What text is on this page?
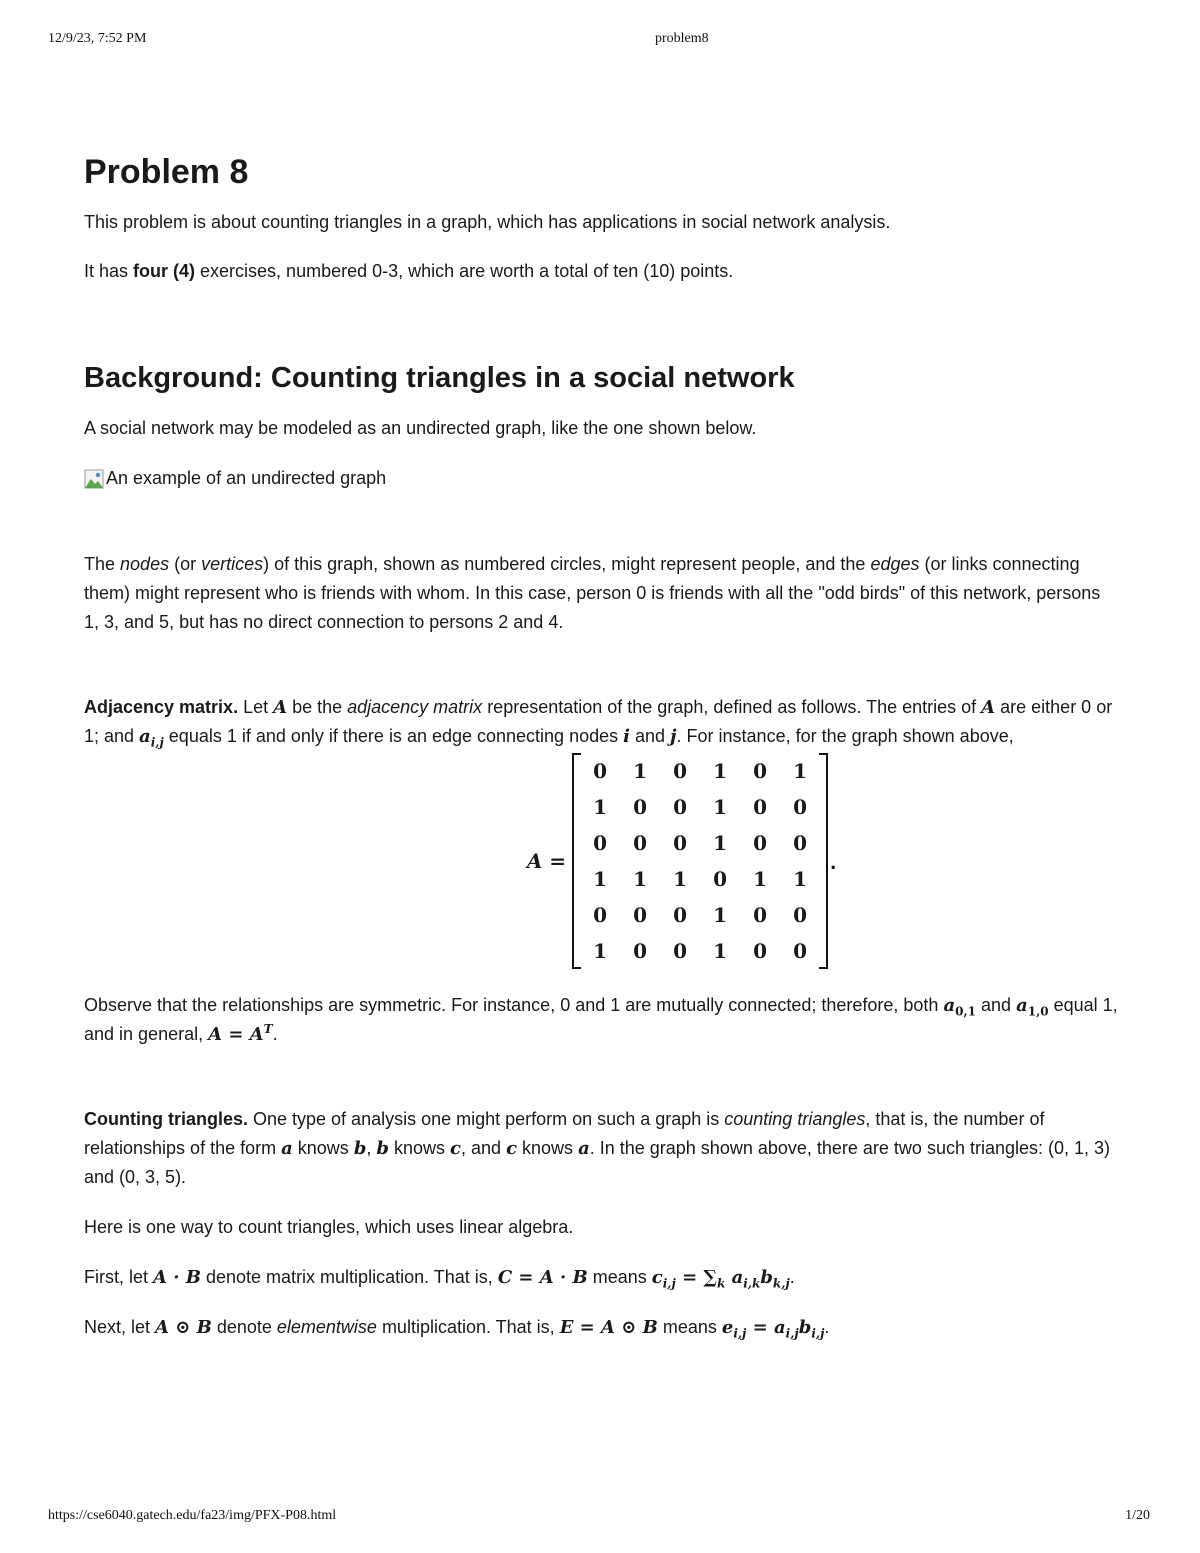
12/9/23, 7:52 PM	problem8
Problem 8

This problem is about counting triangles in a graph, which has applications in social network analysis.

It has four (4) exercises, numbered 0-3, which are worth a total of ten (10) points.

Background: Counting triangles in a social network

A social network may be modeled as an undirected graph, like the one shown below.

An example of an undirected graph

The nodes (or vertices) of this graph, shown as numbered circles, might represent people, and the edges (or links connecting them) might represent who is friends with whom. In this case, person 0 is friends with all the "odd birds" of this network, persons 1, 3, and 5, but has no direct connection to persons 2 and 4.

Adjacency matrix. Let A be the adjacency matrix representation of the graph, defined as follows. The entries of A are either 0 or 1; and $a_{i,j}$ equals 1 if and only if there is an edge connecting nodes i and j. For instance, for the graph shown above,

A =
0	1	0	1	0	1
1	0	0	1	0	0
0	0	0	1	0	0
1	1	1	0	1	1
0	0	0	1	0	0
1	0	0	1	0	0
.

Observe that the relationships are symmetric. For instance, 0 and 1 are mutually connected; therefore, both $a_{0,1}$ and $a_{1,0}$ equal 1, and in general, $A = A^T$.

Counting triangles. One type of analysis one might perform on such a graph is counting triangles, that is, the number of relationships of the form a knows b, b knows c, and c knows a. In the graph shown above, there are two such triangles: (0, 1, 3) and (0, 3, 5).

Here is one way to count triangles, which uses linear algebra.

First, let A · B denote matrix multiplication. That is, C = A · B means $c_{i,j} = \sum_k$ $a_{i,k}b_{k,j}$.

Next, let A ⊙ B denote elementwise multiplication. That is, E = A ⊙ B means $e_{i,j} = a_{i,j}b_{i,j}$.

https://cse6040.gatech.edu/fa23/img/PFX-P08.html	1/20
